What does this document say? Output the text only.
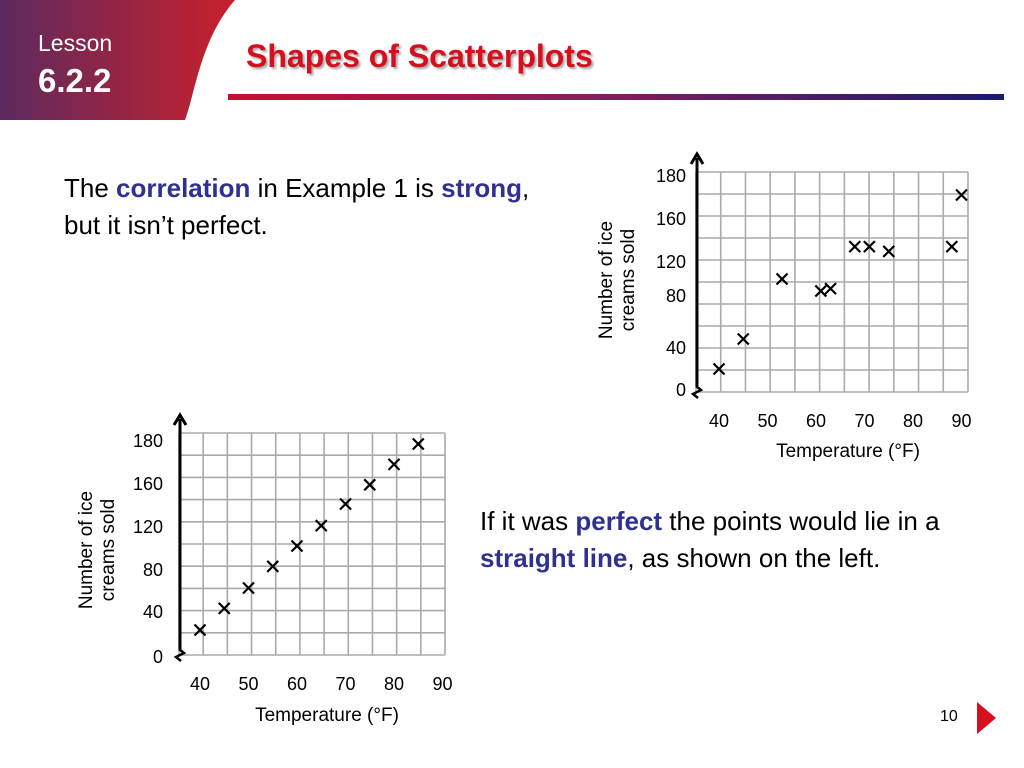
Lesson
6.2.2
Shapes of Scatterplots
The correlation in Example 1 is strong, but it isn’t perfect.
If it was perfect the points would lie in a straight line, as shown on the left.
0
40
80
120
160
180
40 50 60 70 80 90
Temperature (°F)
Number of icecreams sold
0
40
80
120
160
180
40 50 60 70 80 90
Temperature (°F)
Number of icecreams sold
10
